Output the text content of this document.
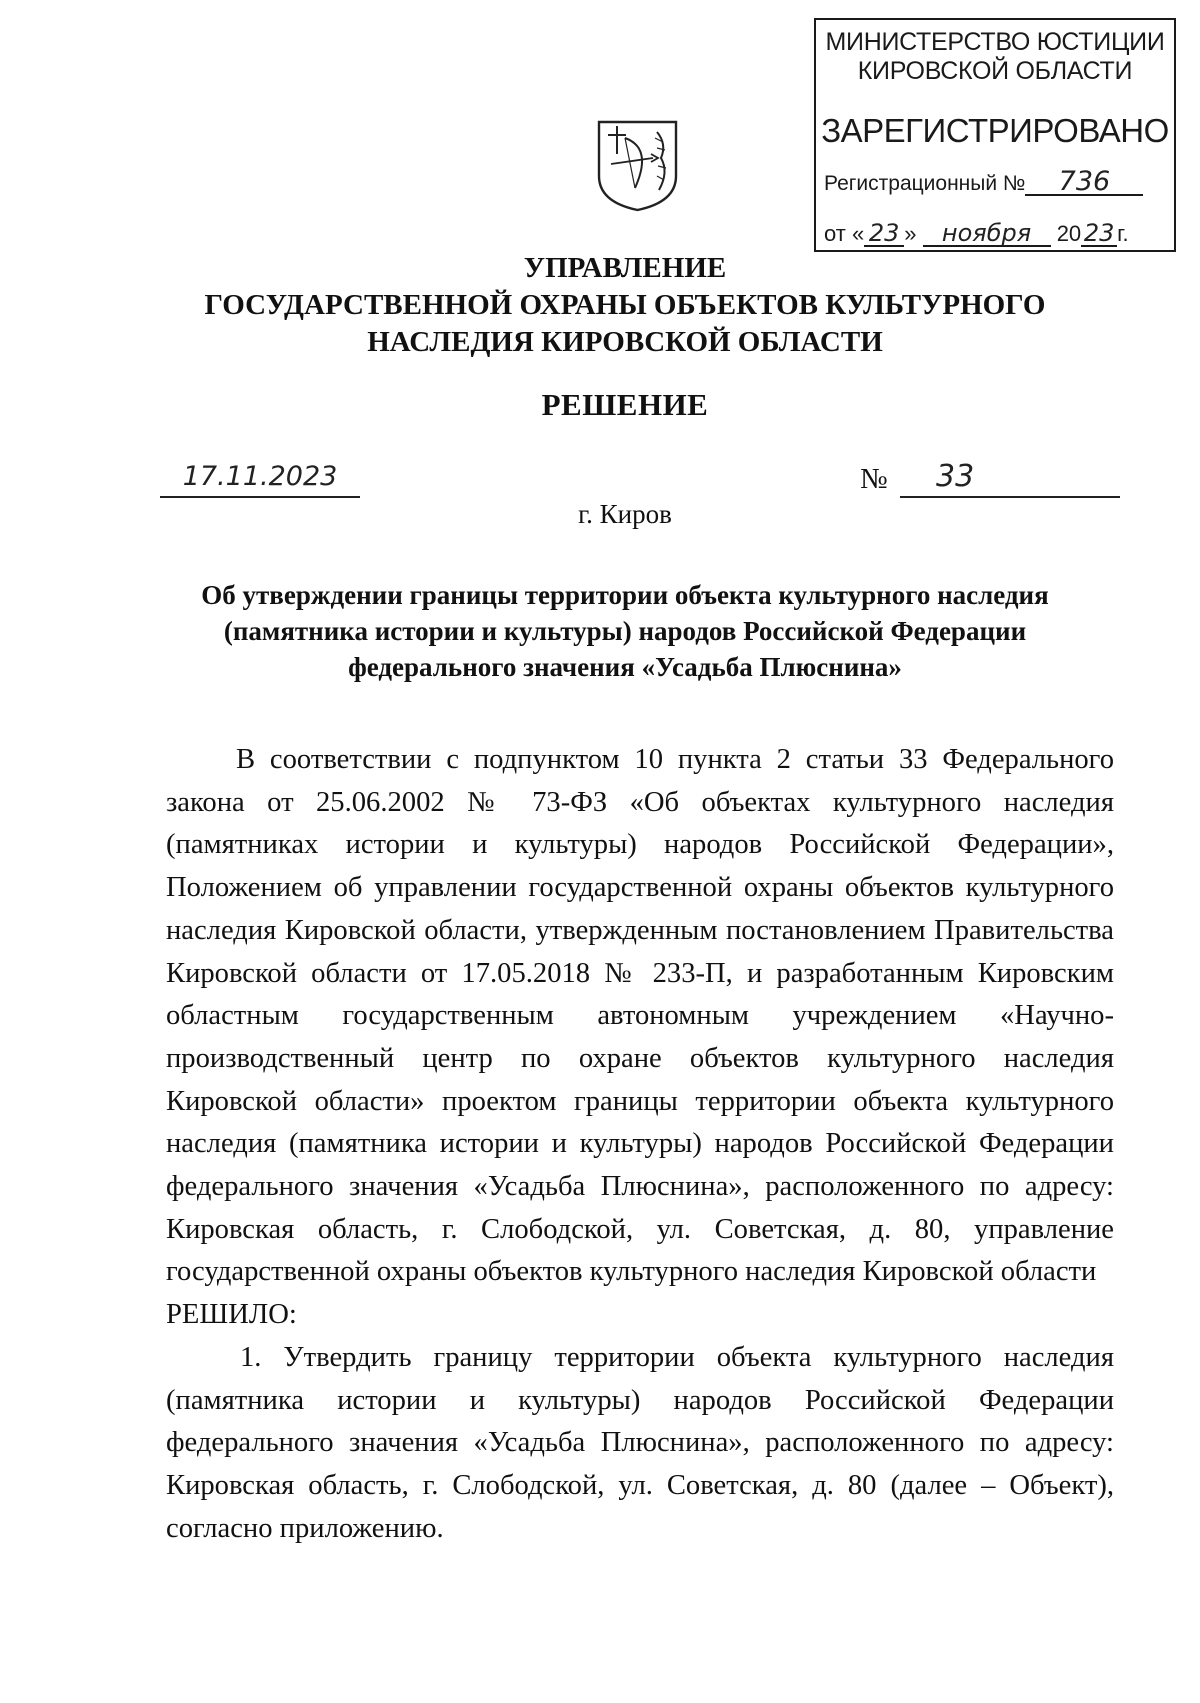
МИНИСТЕРСТВО ЮСТИЦИИ
КИРОВСКОЙ ОБЛАСТИ
ЗАРЕГИСТРИРОВАНО
Регистрационный № 736
от « 23 » ноября 20 23 г.
УПРАВЛЕНИЕ
ГОСУДАРСТВЕННОЙ ОХРАНЫ ОБЪЕКТОВ КУЛЬТУРНОГО
НАСЛЕДИЯ КИРОВСКОЙ ОБЛАСТИ
РЕШЕНИЕ
17.11.2023	№	33
г. Киров
Об утверждении границы территории объекта культурного наследия
(памятника истории и культуры) народов Российской Федерации
федерального значения «Усадьба Плюснина»

В соответствии с подпунктом 10 пункта 2 статьи 33 Федерального закона от 25.06.2002 № 73-ФЗ «Об объектах культурного наследия (памятниках истории и культуры) народов Российской Федерации», Положением об управлении государственной охраны объектов культурного наследия Кировской области, утвержденным постановлением Правительства Кировской области от 17.05.2018 № 233-П, и разработанным Кировским областным государственным автономным учреждением «Научно-производственный центр по охране объектов культурного наследия Кировской области» проектом границы территории объекта культурного наследия (памятника истории и культуры) народов Российской Федерации федерального значения «Усадьба Плюснина», расположенного по адресу: Кировская область, г. Слободской, ул. Советская, д. 80, управление государственной охраны объектов культурного наследия Кировской области

РЕШИЛО:

1. Утвердить границу территории объекта культурного наследия (памятника истории и культуры) народов Российской Федерации федерального значения «Усадьба Плюснина», расположенного по адресу: Кировская область, г. Слободской, ул. Советская, д. 80 (далее – Объект), согласно приложению.
